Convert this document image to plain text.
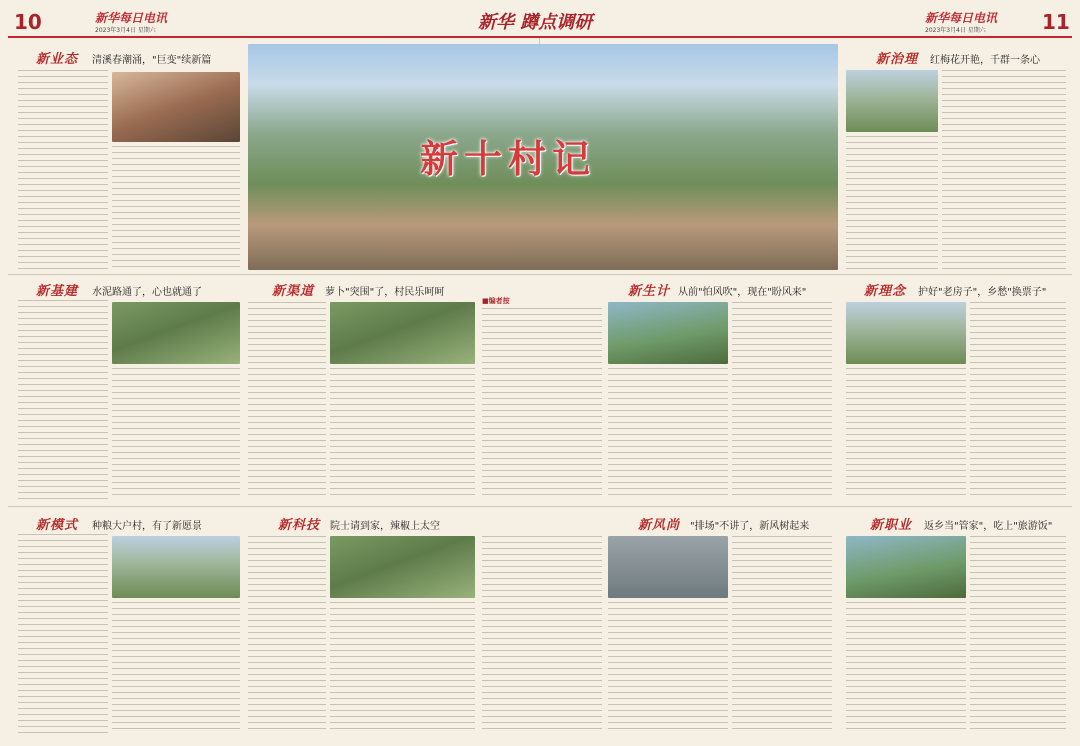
10	新华每日电讯
2023年3月4日 星期六	新华 蹲点调研	新华每日电讯
2023年3月4日 星期六	11
新十村记
新业态 清溪春潮涌，"巨变"续新篇	新治理 红梅花开艳，千群一条心
新基建 水泥路通了，心也就通了	新渠道 萝卜"突围"了，村民乐呵呵
■编者按
新生计 从前"怕风吹"，现在"盼风来"	新理念 护好"老房子"，乡愁"换票子"
新模式 种粮大户村，有了新愿景	新科技 院士请到家，辣椒上太空	新风尚 "排场"不讲了，新风树起来	新职业 返乡当"管家"，吃上"旅游饭"
